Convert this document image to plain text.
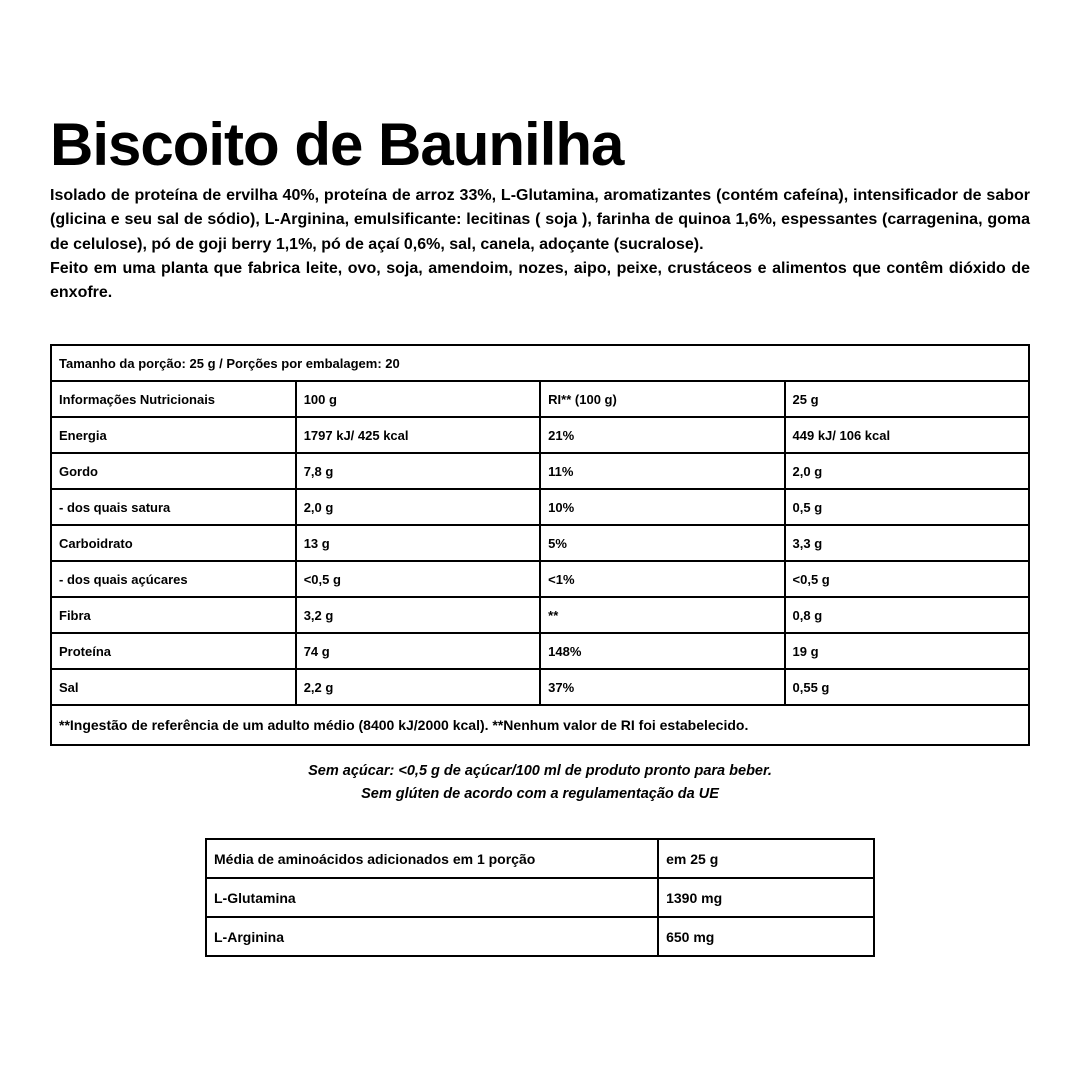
Biscoito de Baunilha

Isolado de proteína de ervilha 40%, proteína de arroz 33%, L-Glutamina, aromatizantes (contém cafeína), intensificador de sabor (glicina e seu sal de sódio), L-Arginina, emulsificante: lecitinas ( soja ), farinha de quinoa 1,6%, espessantes (carragenina, goma de celulose), pó de goji berry 1,1%, pó de açaí 0,6%, sal, canela, adoçante (sucralose).

Feito em uma planta que fabrica leite, ovo, soja, amendoim, nozes, aipo, peixe, crustáceos e alimentos que contêm dióxido de enxofre.

Tamanho da porção: 25 g / Porções por embalagem: 20			
Informações Nutricionais	100 g	RI** (100 g)	25 g
Energia	1797 kJ/ 425 kcal	21%	449 kJ/ 106 kcal
Gordo	7,8 g	11%	2,0 g
- dos quais satura	2,0 g	10%	0,5 g
Carboidrato	13 g	5%	3,3 g
- dos quais açúcares	<0,5 g	<1%	<0,5 g
Fibra	3,2 g	**	0,8 g
Proteína	74 g	148%	19 g
Sal	2,2 g	37%	0,55 g
**Ingestão de referência de um adulto médio (8400 kJ/2000 kcal). **Nenhum valor de RI foi estabelecido.			
Sem açúcar: <0,5 g de açúcar/100 ml de produto pronto para beber.
Sem glúten de acordo com a regulamentação da UE
Média de aminoácidos adicionados em 1 porção	em 25 g
L-Glutamina	1390 mg
L-Arginina	650 mg
